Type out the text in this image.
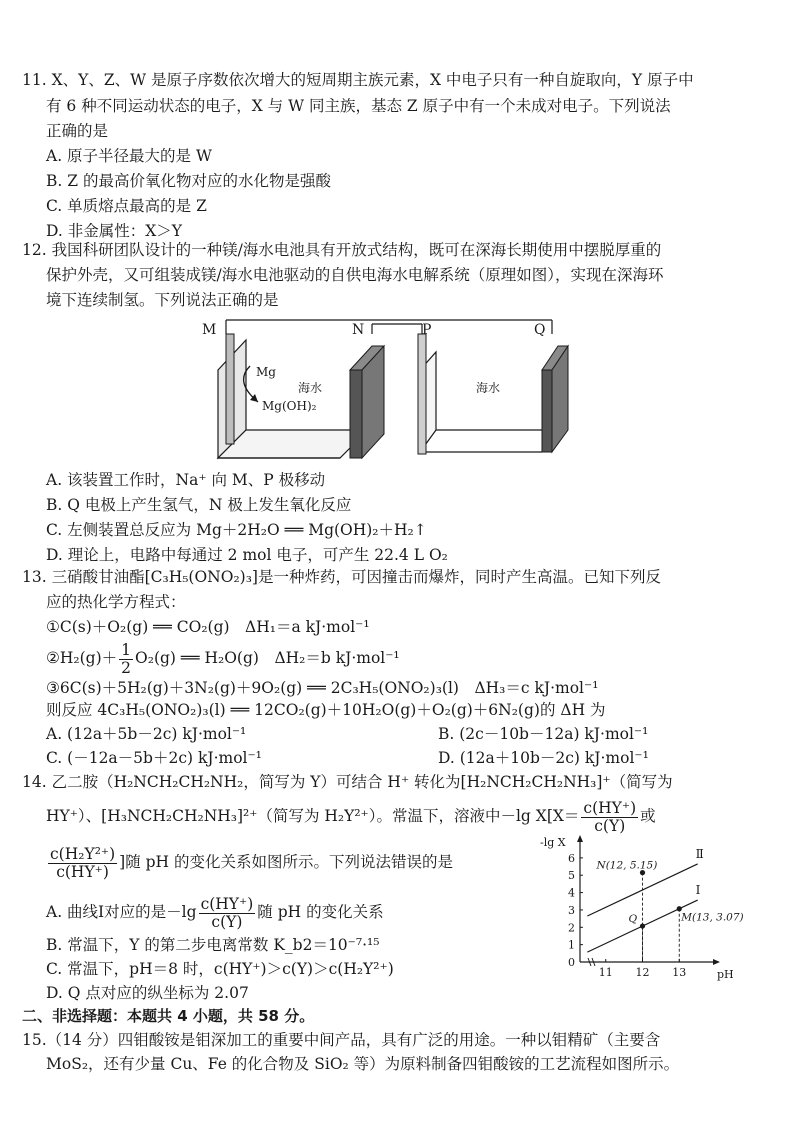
11. X、Y、Z、W 是原子序数依次增大的短周期主族元素，X 中电子只有一种自旋取向，Y 原子中
有 6 种不同运动状态的电子，X 与 W 同主族，基态 Z 原子中有一个未成对电子。下列说法
正确的是
A. 原子半径最大的是 W
B. Z 的最高价氧化物对应的水化物是强酸
C. 单质熔点最高的是 Z
D. 非金属性：X＞Y
12. 我国科研团队设计的一种镁/海水电池具有开放式结构，既可在深海长期使用中摆脱厚重的
保护外壳，又可组装成镁/海水电池驱动的自供电海水电解系统（原理如图），实现在深海环
境下连续制氢。下列说法正确的是
M	N	P	Q
Mg
Mg(OH)₂
海水	海水
A. 该装置工作时，Na⁺ 向 M、P 极移动
B. Q 电极上产生氢气，N 极上发生氧化反应
C. 左侧装置总反应为 Mg＋2H₂O ══ Mg(OH)₂＋H₂↑
D. 理论上，电路中每通过 2 mol 电子，可产生 22.4 L O₂
13. 三硝酸甘油酯[C₃H₅(ONO₂)₃]是一种炸药，可因撞击而爆炸，同时产生高温。已知下列反
应的热化学方程式：
①C(s)＋O₂(g) ══ CO₂(g)　ΔH₁＝a kJ·mol⁻¹
②H₂(g)＋ $\frac{1}{2} O_2(g)$ ══ H₂O(g)　ΔH₂＝b kJ·mol⁻¹
③6C(s)＋5H₂(g)＋3N₂(g)＋9O₂(g) ══ 2C₃H₅(ONO₂)₃(l)　ΔH₃＝c kJ·mol⁻¹
则反应 4C₃H₅(ONO₂)₃(l) ══ 12CO₂(g)＋10H₂O(g)＋O₂(g)＋6N₂(g)的 ΔH 为
A. (12a＋5b－2c) kJ·mol⁻¹	B. (2c－10b－12a) kJ·mol⁻¹
C. (－12a－5b＋2c) kJ·mol⁻¹	D. (12a＋10b－2c) kJ·mol⁻¹
14. 乙二胺（H₂NCH₂CH₂NH₂，简写为 Y）可结合 H⁺ 转化为[H₂NCH₂CH₂NH₃]⁺（简写为
HY⁺）、[H₃NCH₂CH₂NH₃]²⁺（简写为 H₂Y²⁺）。常温下，溶液中－lg $X[X= \frac{c(HY^+)}{c(Y)}$ 或
$\frac{\text{c(H₂Y²⁺)}}{c(HY^+)}$ ]随 pH 的变化关系如图所示。下列说法错误的是
A. 曲线Ⅰ对应的是$-\lg \frac{c(HY^+)}{c(Y)}$ 随 pH 的变化关系
B. 常温下，Y 的第二步电离常数 K_b2＝10⁻⁷·¹⁵
C. 常温下，pH＝8 时，c(HY⁺)＞c(Y)＞c(H₂Y²⁺)
D. Q 点对应的纵坐标为 2.07
1
2
3
4
5
6
0
11 12 13
-lg X
pH
Ⅱ
Ⅰ
N(12, 5.15)
M(13, 3.07)
Q
二、非选择题：本题共 4 小题，共 58 分。
15.（14 分）四钼酸铵是钼深加工的重要中间产品，具有广泛的用途。一种以钼精矿（主要含
MoS₂，还有少量 Cu、Fe 的化合物及 SiO₂ 等）为原料制备四钼酸铵的工艺流程如图所示。
